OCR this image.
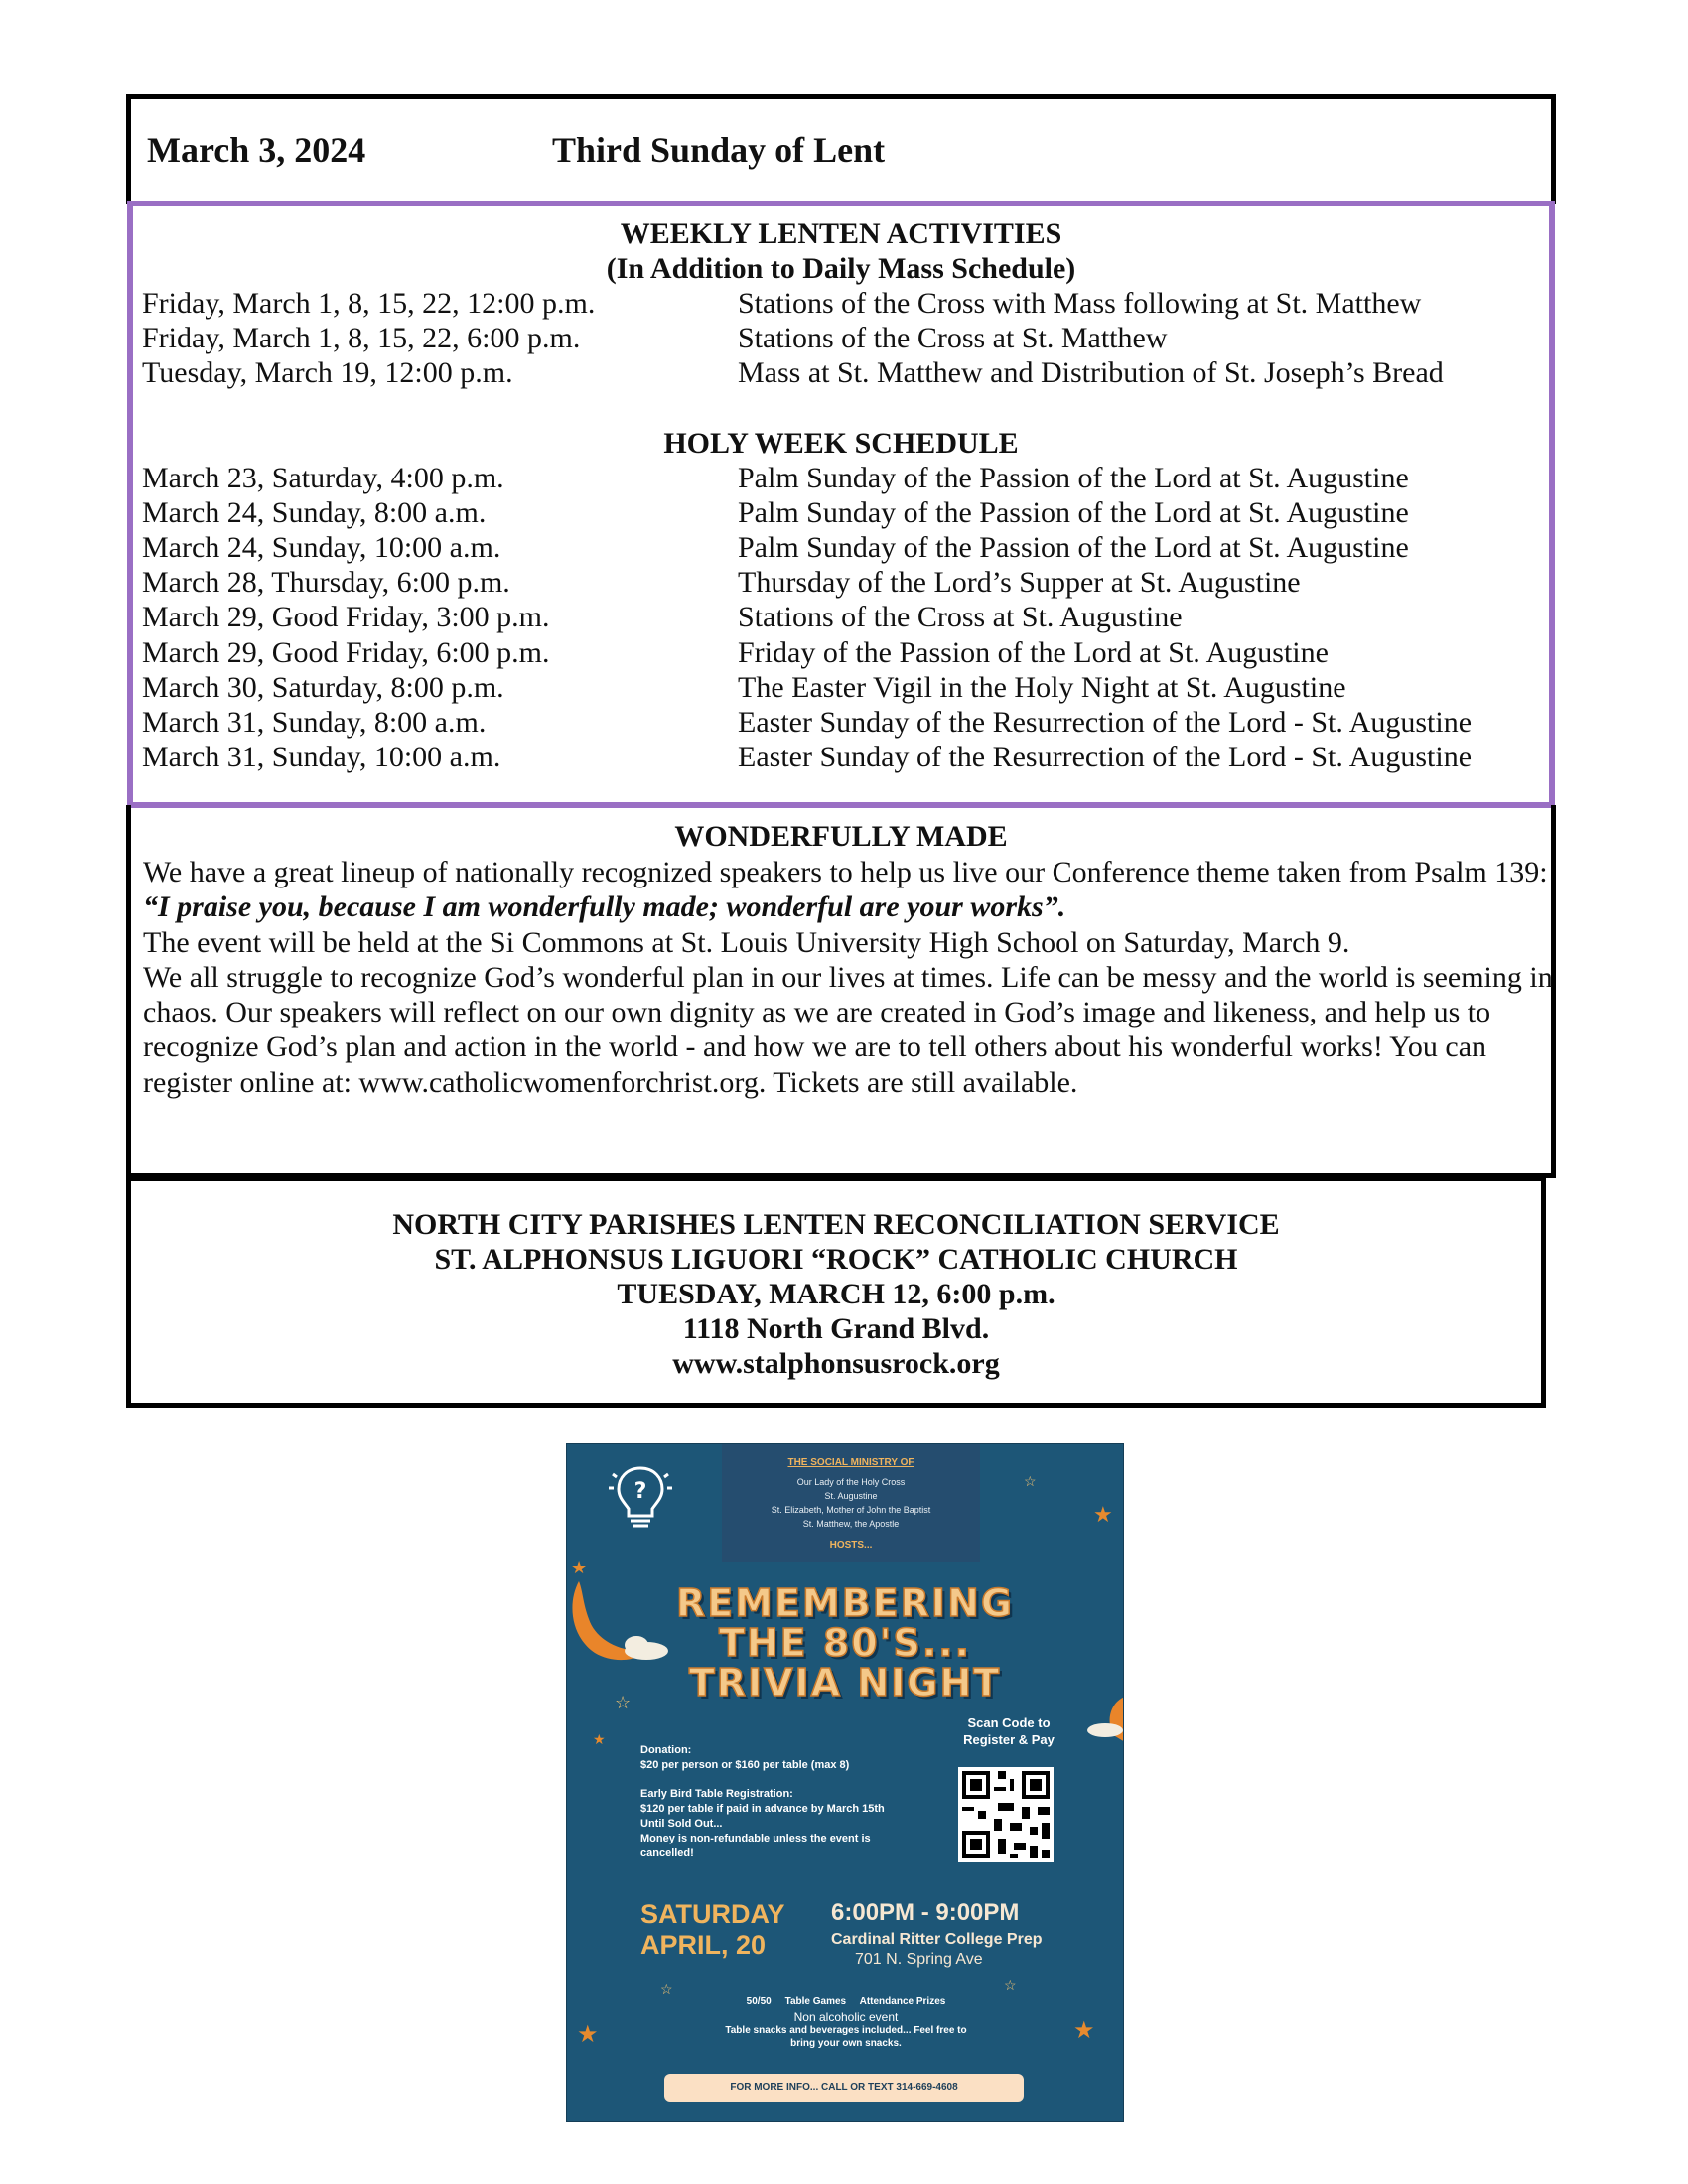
March 3, 2024	Third Sunday of Lent
WEEKLY LENTEN ACTIVITIES
(In Addition to Daily Mass Schedule)
Friday, March 1, 8, 15, 22, 12:00 p.m.	Stations of the Cross with Mass following at St. Matthew
Friday, March 1, 8, 15, 22, 6:00 p.m.	Stations of the Cross at St. Matthew
Tuesday, March 19, 12:00 p.m.	Mass at St. Matthew and Distribution of St. Joseph’s Bread
HOLY WEEK SCHEDULE
March 23, Saturday, 4:00 p.m.	Palm Sunday of the Passion of the Lord at St. Augustine
March 24, Sunday, 8:00 a.m.	Palm Sunday of the Passion of the Lord at St. Augustine
March 24, Sunday, 10:00 a.m.	Palm Sunday of the Passion of the Lord at St. Augustine
March 28, Thursday, 6:00 p.m.	Thursday of the Lord’s Supper at St. Augustine
March 29, Good Friday, 3:00 p.m.	Stations of the Cross at St. Augustine
March 29, Good Friday, 6:00 p.m.	Friday of the Passion of the Lord at St. Augustine
March 30, Saturday, 8:00 p.m.	The Easter Vigil in the Holy Night at St. Augustine
March 31, Sunday, 8:00 a.m.	Easter Sunday of the Resurrection of the Lord - St. Augustine
March 31, Sunday, 10:00 a.m.	Easter Sunday of the Resurrection of the Lord - St. Augustine
WONDERFULLY MADE

We have a great lineup of nationally recognized speakers to help us live our Conference theme taken from Psalm 139: “I praise you, because I am wonderfully made; wonderful are your works”.

The event will be held at the Si Commons at St. Louis University High School on Saturday, March 9.

We all struggle to recognize God’s wonderful plan in our lives at times. Life can be messy and the world is seeming in chaos. Our speakers will reflect on our own dignity as we are created in God’s image and likeness, and help us to recognize God’s plan and action in the world - and how we are to tell others about his wonderful works! You can register online at: www.catholicwomenforchrist.org. Tickets are still available.

NORTH CITY PARISHES LENTEN RECONCILIATION SERVICE
ST. ALPHONSUS LIGUORI “ROCK” CATHOLIC CHURCH
TUESDAY, MARCH 12, 6:00 p.m.
1118 North Grand Blvd.
www.stalphonsusrock.org
?
THE SOCIAL MINISTRY OF
Our Lady of the Holy Cross
St. Augustine
St. Elizabeth, Mother of John the Baptist
St. Matthew, the Apostle
HOSTS...
REMEMBERING
THE 80'S...
TRIVIA NIGHT
☆
★
★
☆
★
☆	☆
★	★
Scan Code to
Register & Pay
Donation:
$20 per person or $160 per table (max 8)
Early Bird Table Registration:
$120 per table if paid in advance by March 15th
Until Sold Out...
Money is non-refundable unless the event is
cancelled!
SATURDAY
APRIL, 20
6:00PM - 9:00PM
Cardinal Ritter College Prep
701 N. Spring Ave
50/50     Table Games     Attendance Prizes
Non alcoholic event
Table snacks and beverages included... Feel free to
bring your own snacks.
FOR MORE INFO... CALL OR TEXT 314-669-4608
